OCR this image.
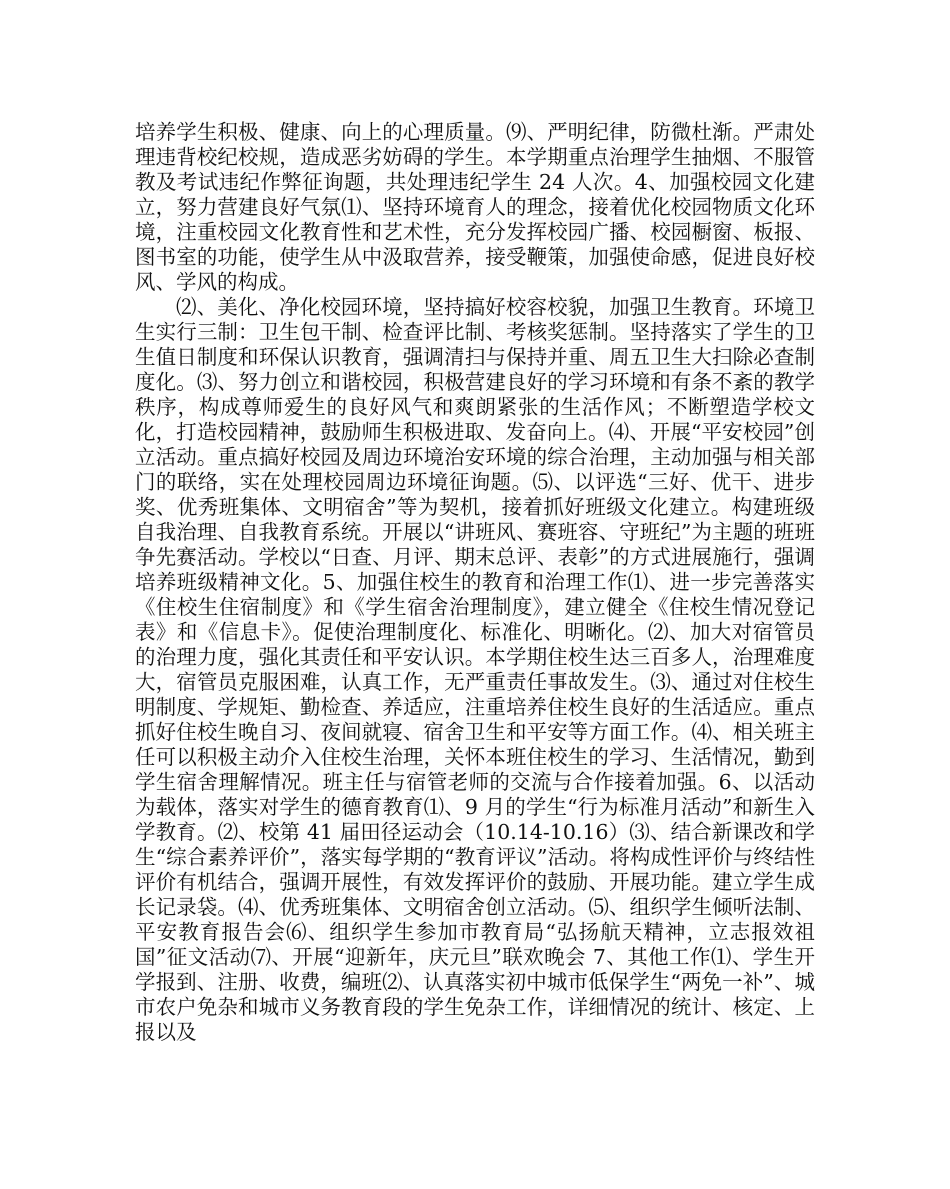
培养学生积极、健康、向上的心理质量。⑼、严明纪律，防微杜渐。严肃处理违背校纪校规，造成恶劣妨碍的学生。本学期重点治理学生抽烟、不服管教及考试违纪作弊征询题，共处理违纪学生 24 人次。4、加强校园文化建立，努力营建良好气氛⑴、坚持环境育人的理念，接着优化校园物质文化环境，注重校园文化教育性和艺术性，充分发挥校园广播、校园橱窗、板报、图书室的功能，使学生从中汲取营养，接受鞭策，加强使命感，促进良好校风、学风的构成。

⑵、美化、净化校园环境，坚持搞好校容校貌，加强卫生教育。环境卫生实行三制：卫生包干制、检查评比制、考核奖惩制。坚持落实了学生的卫生值日制度和环保认识教育，强调清扫与保持并重、周五卫生大扫除必查制度化。⑶、努力创立和谐校园，积极营建良好的学习环境和有条不紊的教学秩序，构成尊师爱生的良好风气和爽朗紧张的生活作风；不断塑造学校文化，打造校园精神，鼓励师生积极进取、发奋向上。⑷、开展“平安校园”创立活动。重点搞好校园及周边环境治安环境的综合治理，主动加强与相关部门的联络，实在处理校园周边环境征询题。⑸、以评选“三好、优干、进步奖、优秀班集体、文明宿舍”等为契机，接着抓好班级文化建立。构建班级自我治理、自我教育系统。开展以“讲班风、赛班容、守班纪”为主题的班班争先赛活动。学校以“日查、月评、期末总评、表彰”的方式进展施行，强调培养班级精神文化。5、加强住校生的教育和治理工作⑴、进一步完善落实《住校生住宿制度》和《学生宿舍治理制度》，建立健全《住校生情况登记表》和《信息卡》。促使治理制度化、标准化、明晰化。⑵、加大对宿管员的治理力度，强化其责任和平安认识。本学期住校生达三百多人，治理难度大，宿管员克服困难，认真工作，无严重责任事故发生。⑶、通过对住校生明制度、学规矩、勤检查、养适应，注重培养住校生良好的生活适应。重点抓好住校生晚自习、夜间就寝、宿舍卫生和平安等方面工作。⑷、相关班主任可以积极主动介入住校生治理，关怀本班住校生的学习、生活情况，勤到学生宿舍理解情况。班主任与宿管老师的交流与合作接着加强。6、以活动为载体，落实对学生的德育教育⑴、9 月的学生“行为标准月活动”和新生入学教育。⑵、校第 41 届田径运动会（10.14-10.16）⑶、结合新课改和学生“综合素养评价”，落实每学期的“教育评议”活动。将构成性评价与终结性评价有机结合，强调开展性，有效发挥评价的鼓励、开展功能。建立学生成长记录袋。⑷、优秀班集体、文明宿舍创立活动。⑸、组织学生倾听法制、平安教育报告会⑹、组织学生参加市教育局“弘扬航天精神，立志报效祖国”征文活动⑺、开展“迎新年，庆元旦”联欢晚会 7、其他工作⑴、学生开学报到、注册、收费，编班⑵、认真落实初中城市低保学生“两免一补”、城市农户免杂和城市义务教育段的学生免杂工作，详细情况的统计、核定、上报以及
